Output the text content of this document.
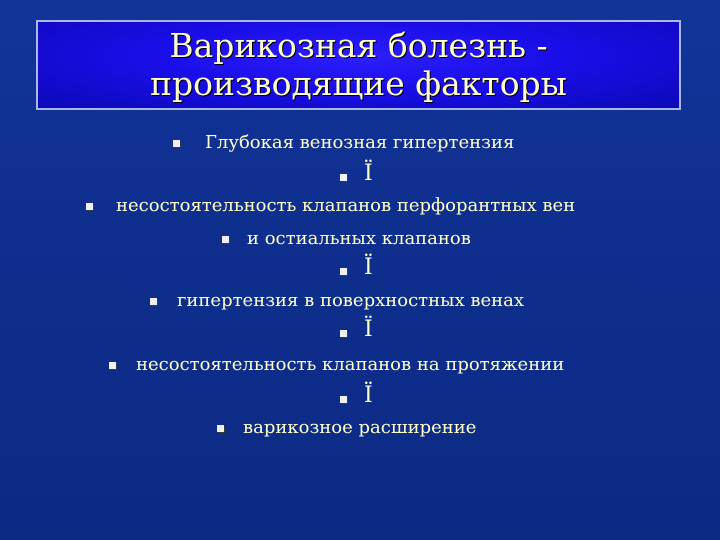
Варикозная болезнь -
производящие факторы
Глубокая венозная гипертензия
Ï
несостоятельность клапанов перфорантных вен
и остиальных клапанов
Ï
гипертензия в поверхностных венах
Ï
несостоятельность клапанов на протяжении
Ï
варикозное расширение
